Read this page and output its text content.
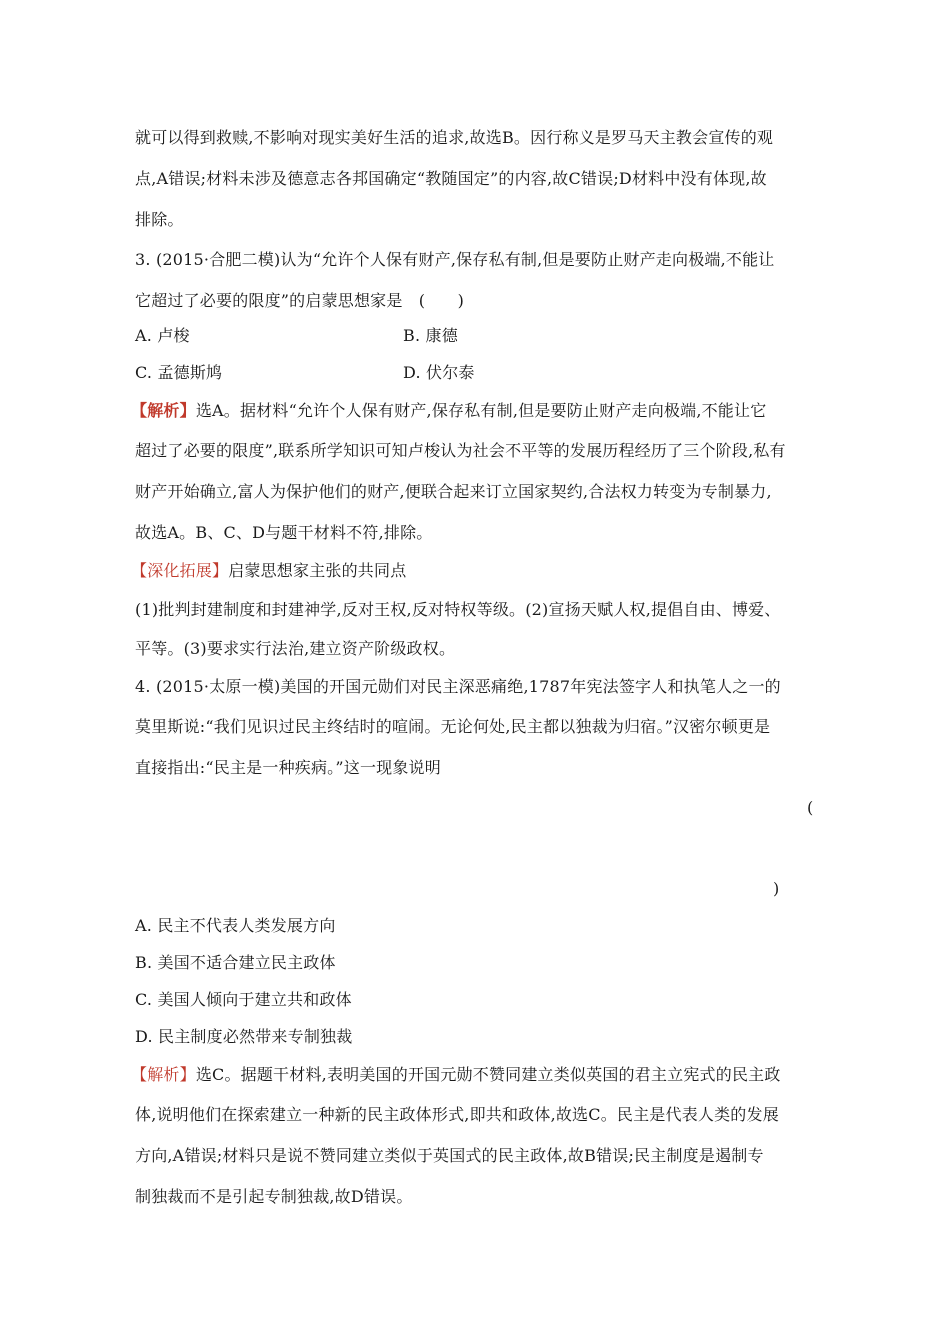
就可以得到救赎,不影响对现实美好生活的追求,故选B。因行称义是罗马天主教会宣传的观
点,A错误;材料未涉及德意志各邦国确定“教随国定”的内容,故C错误;D材料中没有体现,故
排除。
3. (2015·合肥二模)认为“允许个人保有财产,保存私有制,但是要防止财产走向极端,不能让
它超过了必要的限度”的启蒙思想家是　(　　)
A. 卢梭	B. 康德
C. 孟德斯鸠	D. 伏尔泰
【解析】选A。据材料“允许个人保有财产,保存私有制,但是要防止财产走向极端,不能让它
超过了必要的限度”,联系所学知识可知卢梭认为社会不平等的发展历程经历了三个阶段,私有
财产开始确立,富人为保护他们的财产,便联合起来订立国家契约,合法权力转变为专制暴力,
故选A。B、C、D与题干材料不符,排除。
【深化拓展】启蒙思想家主张的共同点
(1)批判封建制度和封建神学,反对王权,反对特权等级。(2)宣扬天赋人权,提倡自由、博爱、
平等。(3)要求实行法治,建立资产阶级政权。
4. (2015·太原一模)美国的开国元勋们对民主深恶痛绝,1787年宪法签字人和执笔人之一的
莫里斯说:“我们见识过民主终结时的喧闹。无论何处,民主都以独裁为归宿。”汉密尔顿更是
直接指出:“民主是一种疾病。”这一现象说明
(
)
A. 民主不代表人类发展方向
B. 美国不适合建立民主政体
C. 美国人倾向于建立共和政体
D. 民主制度必然带来专制独裁
【解析】选C。据题干材料,表明美国的开国元勋不赞同建立类似英国的君主立宪式的民主政
体,说明他们在探索建立一种新的民主政体形式,即共和政体,故选C。民主是代表人类的发展
方向,A错误;材料只是说不赞同建立类似于英国式的民主政体,故B错误;民主制度是遏制专
制独裁而不是引起专制独裁,故D错误。
